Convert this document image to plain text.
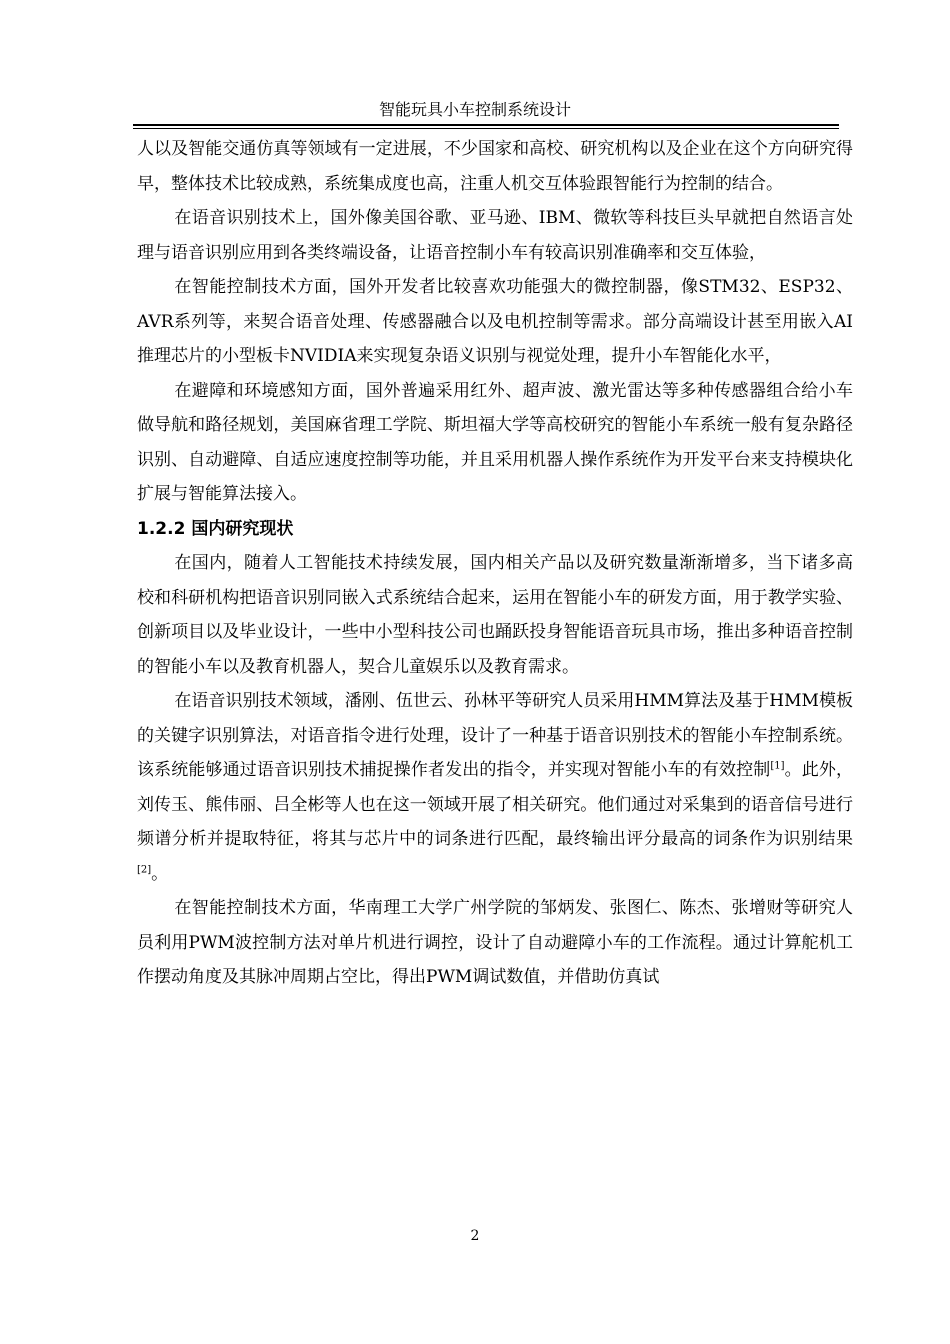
智能玩具小车控制系统设计

人以及智能交通仿真等领域有一定进展，不少国家和高校、研究机构以及企业在这个方向研究得早，整体技术比较成熟，系统集成度也高，注重人机交互体验跟智能行为控制的结合。

在语音识别技术上，国外像美国谷歌、亚马逊、IBM、微软等科技巨头早就把自然语言处理与语音识别应用到各类终端设备，让语音控制小车有较高识别准确率和交互体验，

在智能控制技术方面，国外开发者比较喜欢功能强大的微控制器，像STM32、ESP32、AVR系列等，来契合语音处理、传感器融合以及电机控制等需求。部分高端设计甚至用嵌入AI推理芯片的小型板卡NVIDIA来实现复杂语义识别与视觉处理，提升小车智能化水平，

在避障和环境感知方面，国外普遍采用红外、超声波、激光雷达等多种传感器组合给小车做导航和路径规划，美国麻省理工学院、斯坦福大学等高校研究的智能小车系统一般有复杂路径识别、自动避障、自适应速度控制等功能，并且采用机器人操作系统作为开发平台来支持模块化扩展与智能算法接入。

1.2.2 国内研究现状

在国内，随着人工智能技术持续发展，国内相关产品以及研究数量渐渐增多，当下诸多高校和科研机构把语音识别同嵌入式系统结合起来，运用在智能小车的研发方面，用于教学实验、创新项目以及毕业设计，一些中小型科技公司也踊跃投身智能语音玩具市场，推出多种语音控制的智能小车以及教育机器人，契合儿童娱乐以及教育需求。

在语音识别技术领域，潘刚、伍世云、孙林平等研究人员采用HMM算法及基于HMM模板的关键字识别算法，对语音指令进行处理，设计了一种基于语音识别技术的智能小车控制系统。该系统能够通过语音识别技术捕捉操作者发出的指令，并实现对智能小车的有效控制[1]。此外，刘传玉、熊伟丽、吕全彬等人也在这一领域开展了相关研究。他们通过对采集到的语音信号进行频谱分析并提取特征，将其与芯片中的词条进行匹配，最终输出评分最高的词条作为识别结果[2]。

在智能控制技术方面，华南理工大学广州学院的邹炳发、张图仁、陈杰、张增财等研究人员利用PWM波控制方法对单片机进行调控，设计了自动避障小车的工作流程。通过计算舵机工作摆动角度及其脉冲周期占空比，得出PWM调试数值，并借助仿真试

2
